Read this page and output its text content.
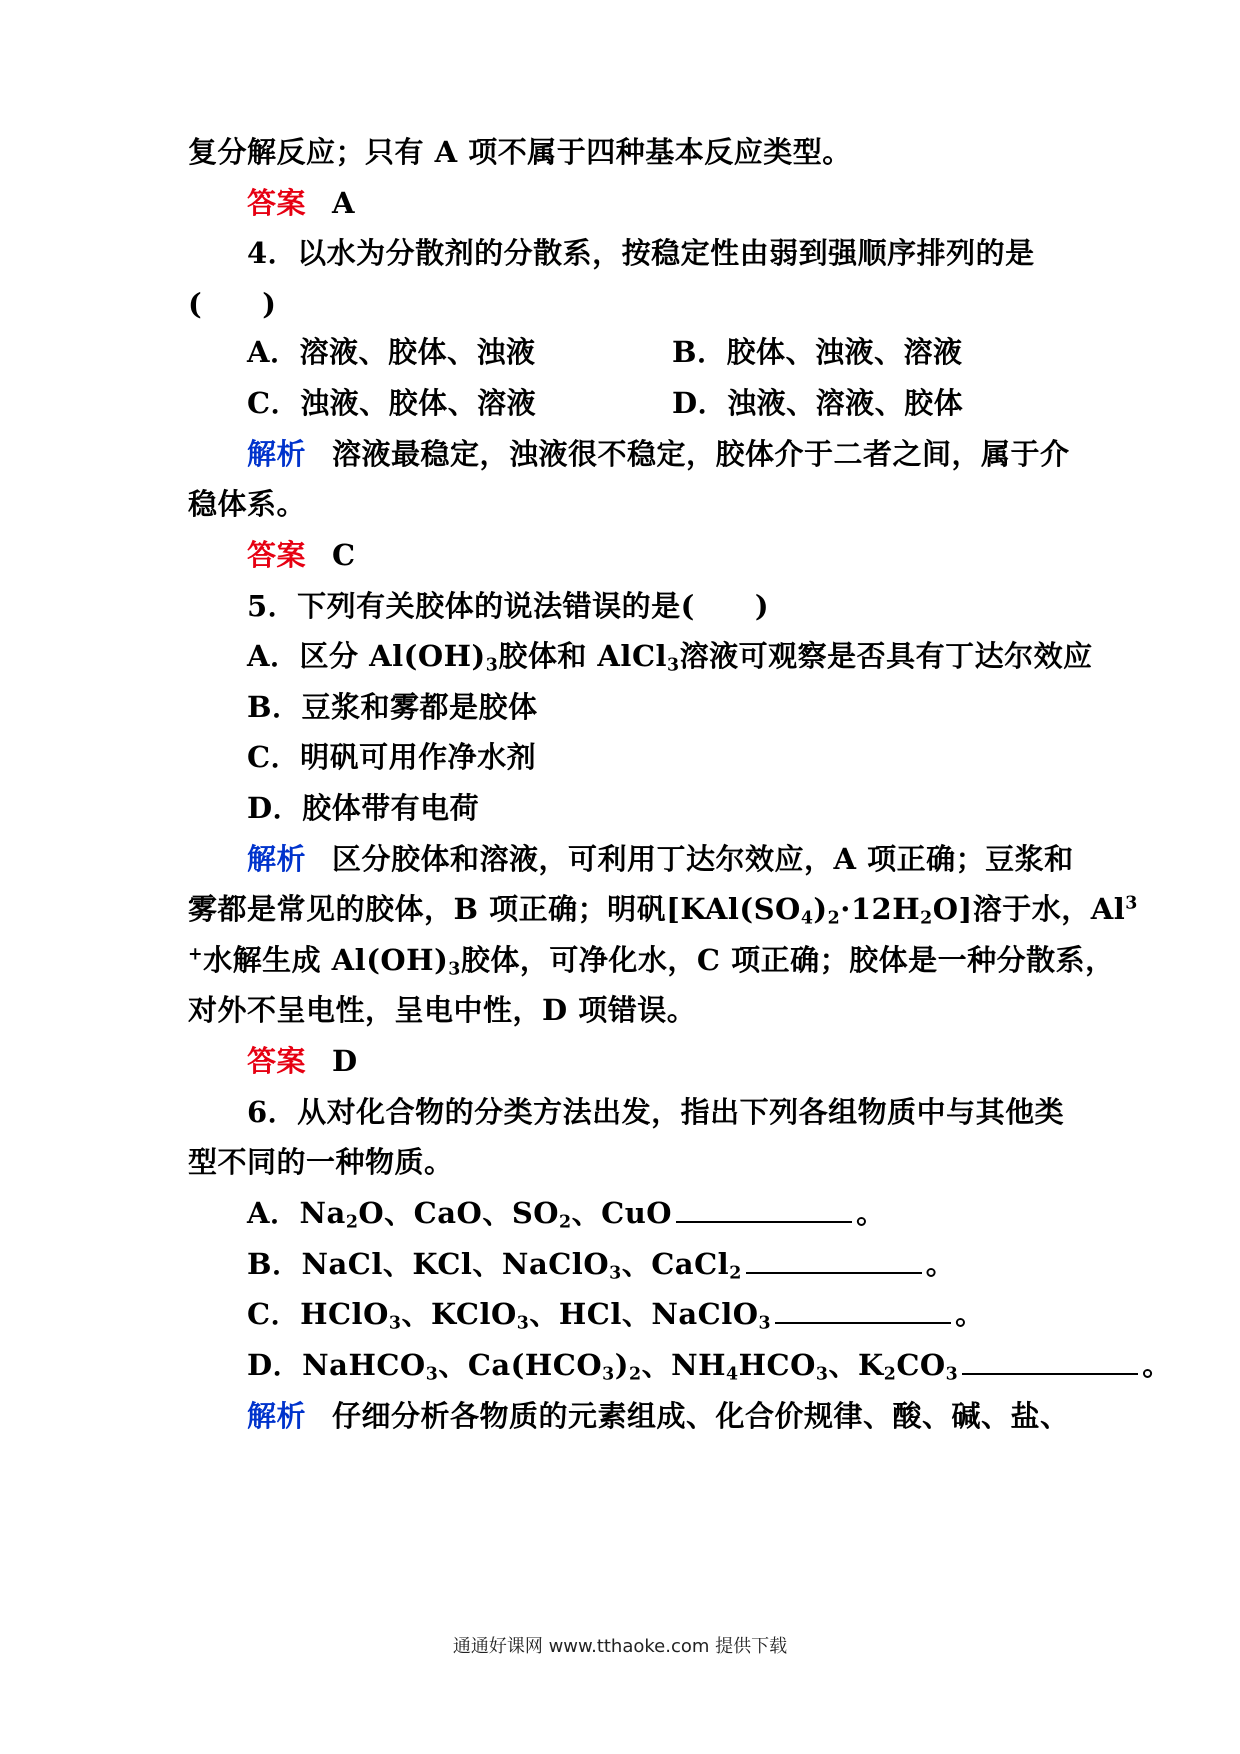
复分解反应；只有 A 项不属于四种基本反应类型。
答案 A
4．以水为分散剂的分散系，按稳定性由弱到强顺序排列的是
( )
A．溶液、胶体、浊液	B．胶体、浊液、溶液
C．浊液、胶体、溶液	D．浊液、溶液、胶体
解析 溶液最稳定，浊液很不稳定，胶体介于二者之间，属于介
稳体系。
答案 C
5．下列有关胶体的说法错误的是( )
A．区分 $Al(OH)_3$胶体和 AlCl$_3$溶液可观察是否具有丁达尔效应
B．豆浆和雾都是胶体
C．明矾可用作净水剂
D．胶体带有电荷
解析 区分胶体和溶液，可利用丁达尔效应，A 项正确；豆浆和
雾都是常见的胶体，B 项正确；明矾$[KAl(SO_4)_2\cdot 12H_2O]$溶于水，Al$^3$
+水解生成 $Al(OH)_3$胶体，可净化水，C 项正确；胶体是一种分散系，
对外不呈电性，呈电中性，D 项错误。
答案 D
6．从对化合物的分类方法出发，指出下列各组物质中与其他类
型不同的一种物质。
A．$Na_2O$、CaO、$SO_2$、CuO	。
B．NaCl、KCl、NaClO$_3$、CaCl$_2$	。
C．HClO$_3$、KClO$_3$、HCl、NaClO$_3$	。
D．NaHCO$_3$、$Ca(HCO_3)_2$、$NH_4HCO_3$、$K_2CO_3$	。
解析 仔细分析各物质的元素组成、化合价规律、酸、碱、盐、
通通好课网 www.tthaoke.com 提供下载
